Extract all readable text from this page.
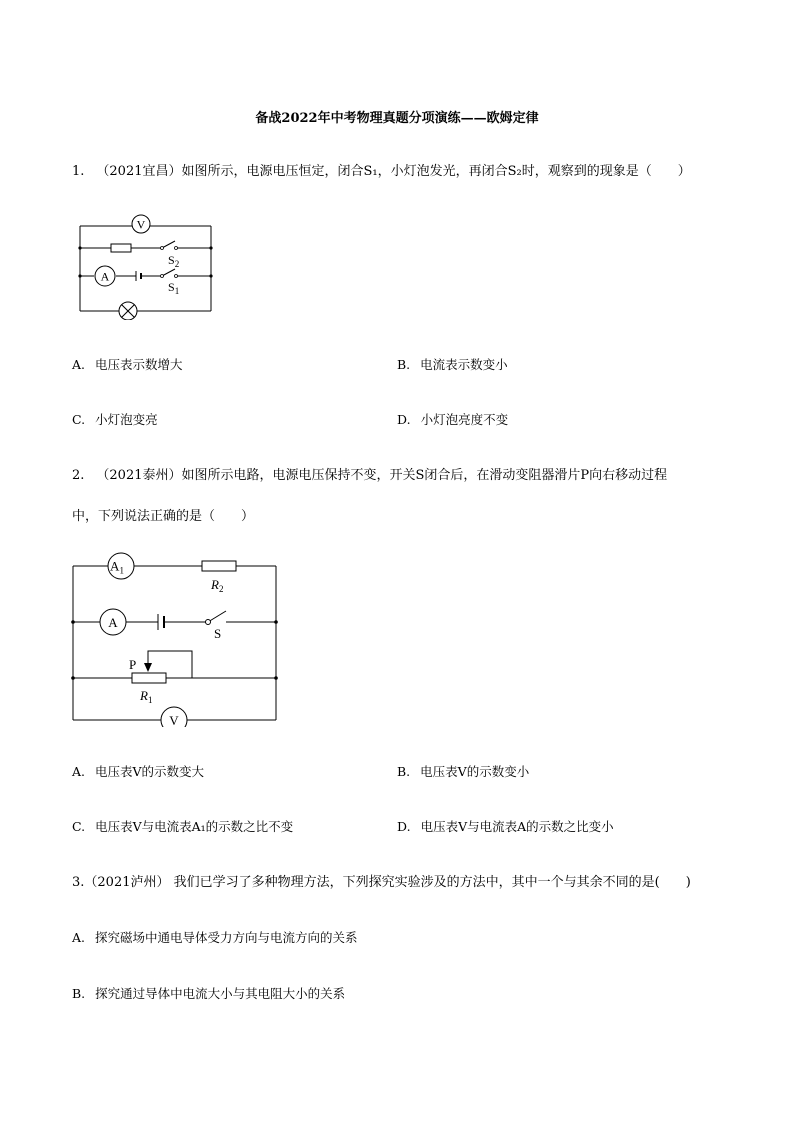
备战2022年中考物理真题分项演练——欧姆定律
1. （2021宜昌）如图所示，电源电压恒定，闭合S₁，小灯泡发光，再闭合S₂时，观察到的现象是（　　）
V
A
$S_2$
$S_1$
A. 电压表示数增大	B. 电流表示数变小
C. 小灯泡变亮	D. 小灯泡亮度不变
2. （2021泰州）如图所示电路，电源电压保持不变，开关S闭合后，在滑动变阻器滑片P向右移动过程
中，下列说法正确的是（　　）
$A_1$
A
V
$R_2$
S
P
$R_1$
A. 电压表V的示数变大	B. 电压表V的示数变小
C. 电压表V与电流表A₁的示数之比不变	D. 电压表V与电流表A的示数之比变小
3.（2021泸州） 我们已学习了多种物理方法，下列探究实验涉及的方法中，其中一个与其余不同的是(　　)
A. 探究磁场中通电导体受力方向与电流方向的关系
B. 探究通过导体中电流大小与其电阻大小的关系
